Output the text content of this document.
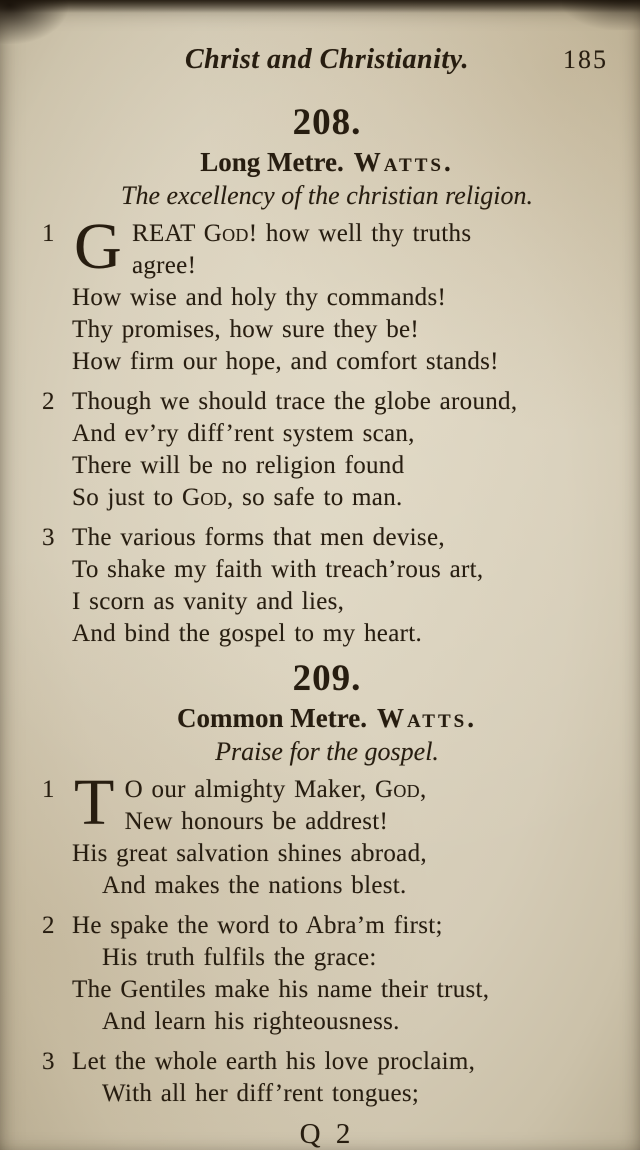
Christ and Christianity.	185
208.
Long Metre. Watts.
The excellency of the christian religion.
1 G REAT God! how well thy truths
agree!
How wise and holy thy commands!
Thy promises, how sure they be!
How firm our hope, and comfort stands!
2 Though we should trace the globe around,
And ev’ry diff’rent system scan,
There will be no religion found
So just to God, so safe to man.
3 The various forms that men devise,
To shake my faith with treach’rous art,
I scorn as vanity and lies,
And bind the gospel to my heart.
209.
Common Metre. Watts.
Praise for the gospel.
1 T O our almighty Maker, God,
New honours be addrest!
His great salvation shines abroad,
And makes the nations blest.
2 He spake the word to Abra’m first;
His truth fulfils the grace:
The Gentiles make his name their trust,
And learn his righteousness.
3 Let the whole earth his love proclaim,
With all her diff’rent tongues;
Q 2
